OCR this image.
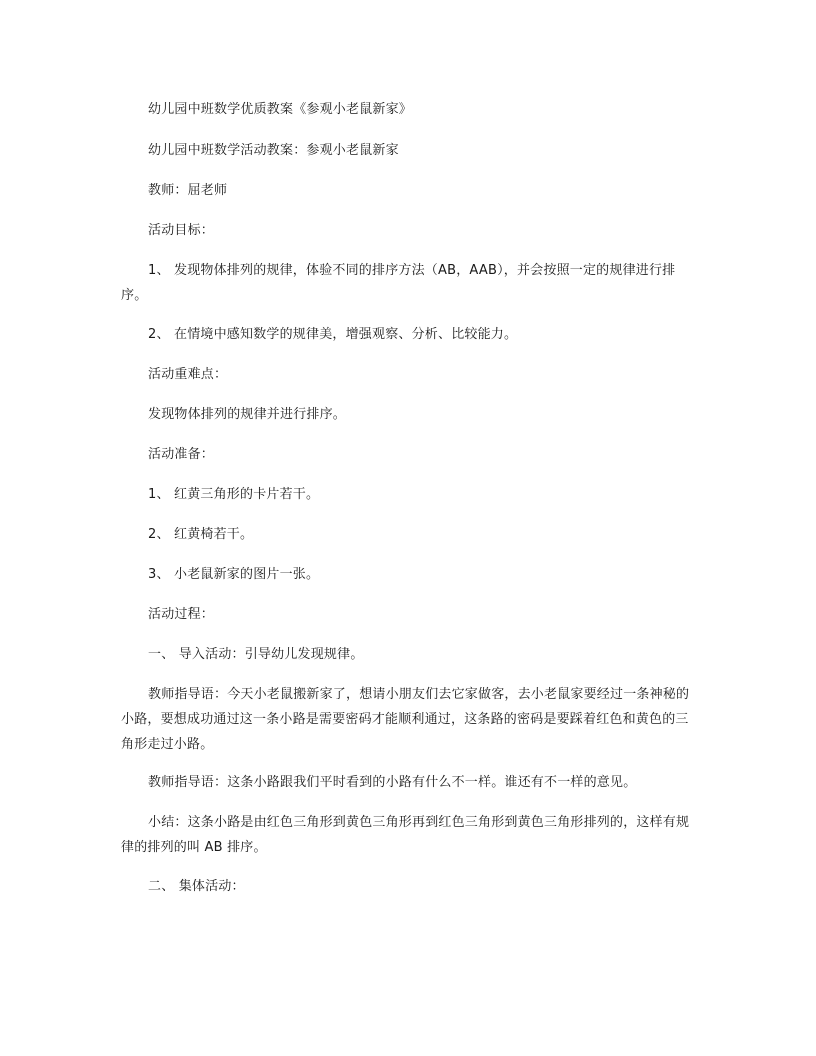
幼儿园中班数学优质教案《参观小老鼠新家》
幼儿园中班数学活动教案：参观小老鼠新家
教师：屈老师
活动目标：
1、 发现物体排列的规律，体验不同的排序方法（AB，AAB），并会按照一定的规律进行排序。
2、 在情境中感知数学的规律美，增强观察、分析、比较能力。
活动重难点：
发现物体排列的规律并进行排序。
活动准备：
1、 红黄三角形的卡片若干。
2、 红黄椅若干。
3、 小老鼠新家的图片一张。
活动过程：
一、 导入活动：引导幼儿发现规律。
教师指导语：今天小老鼠搬新家了，想请小朋友们去它家做客，去小老鼠家要经过一条神秘的小路，要想成功通过这一条小路是需要密码才能顺利通过，这条路的密码是要踩着红色和黄色的三角形走过小路。
教师指导语：这条小路跟我们平时看到的小路有什么不一样。谁还有不一样的意见。
小结：这条小路是由红色三角形到黄色三角形再到红色三角形到黄色三角形排列的，这样有规律的排列的叫 AB 排序。
二、 集体活动：
